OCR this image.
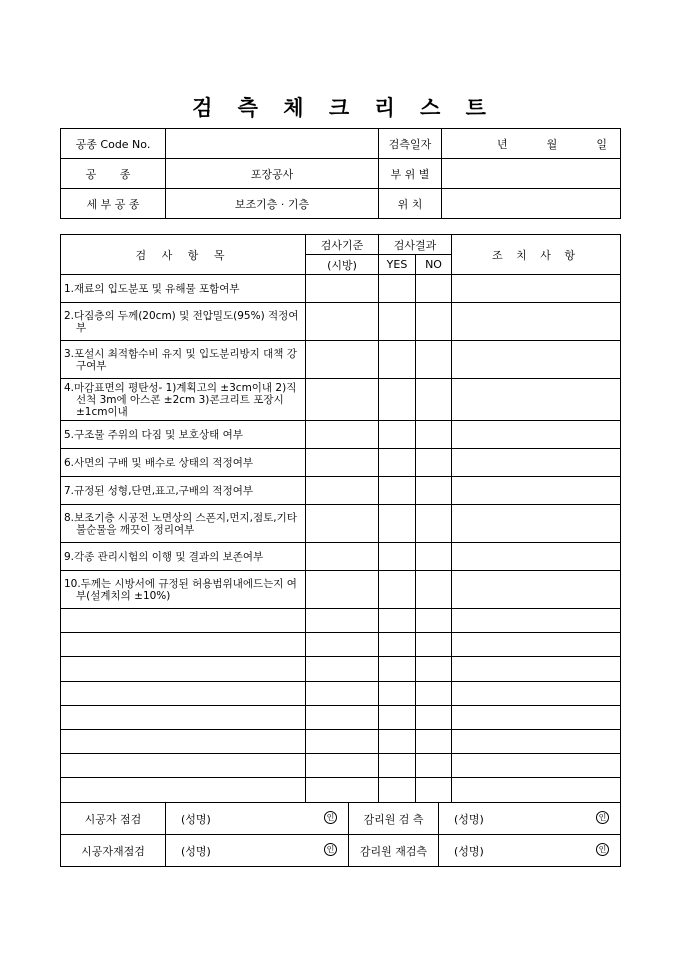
검 측 체 크 리 스 트
공종 Code No.		검측일자	년 월 일

공 종	포장공사	부 위 별	
세 부 공 종	보조기층 · 기층	위 치	
검 사 항 목	검사기준	검사결과		조 치 사 항
	(시방)	YES	NO	

1.재료의 입도분포 및 유해물 포함여부				

2.다짐층의 두께(20cm) 및 전압밀도(95%) 적정여부				

3.포설시 최적함수비 유지 및 입도분리방지 대책 강구여부				

4.마감표면의 평탄성- 1)계획고의 ±3cm이내 2)직선척 3m에 아스콘 ±2cm 3)콘크리트 포장시 ±1cm이내				

5.구조물 주위의 다짐 및 보호상태 여부				

6.사면의 구배 및 배수로 상태의 적정여부				

7.규정된 성형,단면,표고,구배의 적정여부				

8.보조기층 시공전 노면상의 스폰지,먼지,점토,기타불순물을 깨끗이 정리여부				

9.각종 관리시험의 이행 및 결과의 보존여부				

10.두께는 시방서에 규정된 허용범위내에드는지 여부(설계치의 ±10%)				

시공자 점검	(성명) 인	감리원 검 측	(성명) 인

시공자재점검	(성명) 인	감리원 재검측	(성명) 인
